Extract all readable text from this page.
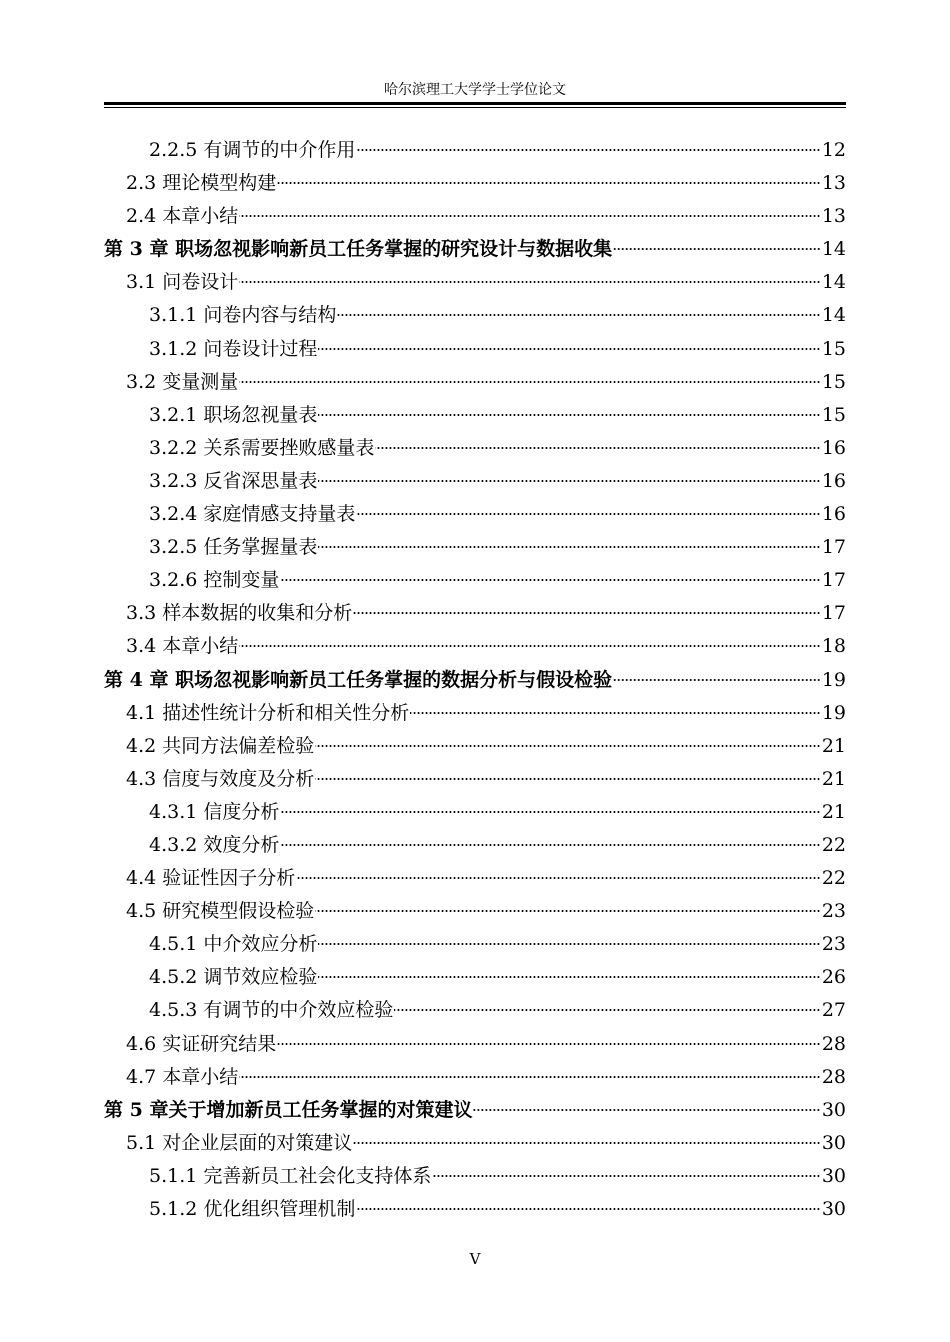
哈尔滨理工大学学士学位论文
2.2.5 有调节的中介作用	12
2.3 理论模型构建	13
2.4 本章小结	13
第 3 章 职场忽视影响新员工任务掌握的研究设计与数据收集	14
3.1 问卷设计	14
3.1.1 问卷内容与结构	14
3.1.2 问卷设计过程	15
3.2 变量测量	15
3.2.1 职场忽视量表	15
3.2.2 关系需要挫败感量表	16
3.2.3 反省深思量表	16
3.2.4 家庭情感支持量表	16
3.2.5 任务掌握量表	17
3.2.6 控制变量	17
3.3 样本数据的收集和分析	17
3.4 本章小结	18
第 4 章 职场忽视影响新员工任务掌握的数据分析与假设检验	19
4.1 描述性统计分析和相关性分析	19
4.2 共同方法偏差检验	21
4.3 信度与效度及分析	21
4.3.1 信度分析	21
4.3.2 效度分析	22
4.4 验证性因子分析	22
4.5 研究模型假设检验	23
4.5.1 中介效应分析	23
4.5.2 调节效应检验	26
4.5.3 有调节的中介效应检验	27
4.6 实证研究结果	28
4.7 本章小结	28
第 5 章关于增加新员工任务掌握的对策建议	30
5.1 对企业层面的对策建议	30
5.1.1 完善新员工社会化支持体系	30
5.1.2 优化组织管理机制	30
V
